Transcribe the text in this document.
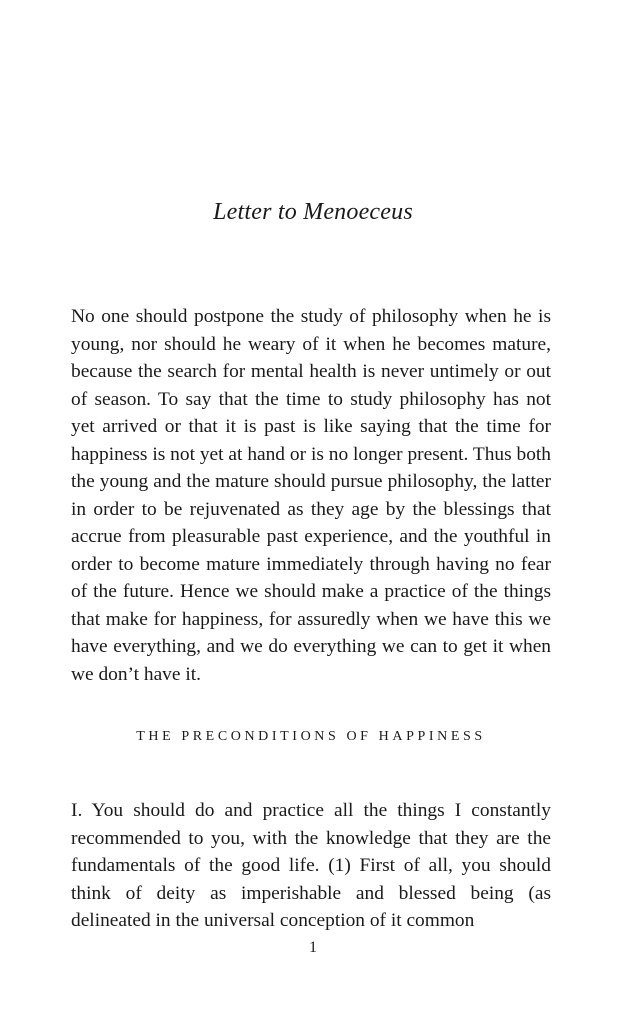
Letter to Menoeceus

No one should postpone the study of philosophy when he is young, nor should he weary of it when he becomes mature, because the search for mental health is never untimely or out of season. To say that the time to study philosophy has not yet arrived or that it is past is like saying that the time for happiness is not yet at hand or is no longer present. Thus both the young and the mature should pursue philosophy, the latter in order to be rejuvenated as they age by the blessings that accrue from pleasurable past experience, and the youthful in order to become mature immediately through having no fear of the future. Hence we should make a practice of the things that make for happiness, for assuredly when we have this we have everything, and we do everything we can to get it when we don’t have it.

THE PRECONDITIONS OF HAPPINESS

I. You should do and practice all the things I constantly recommended to you, with the knowledge that they are the fundamentals of the good life. (1) First of all, you should think of deity as imperishable and blessed being (as delineated in the universal conception of it common

1
